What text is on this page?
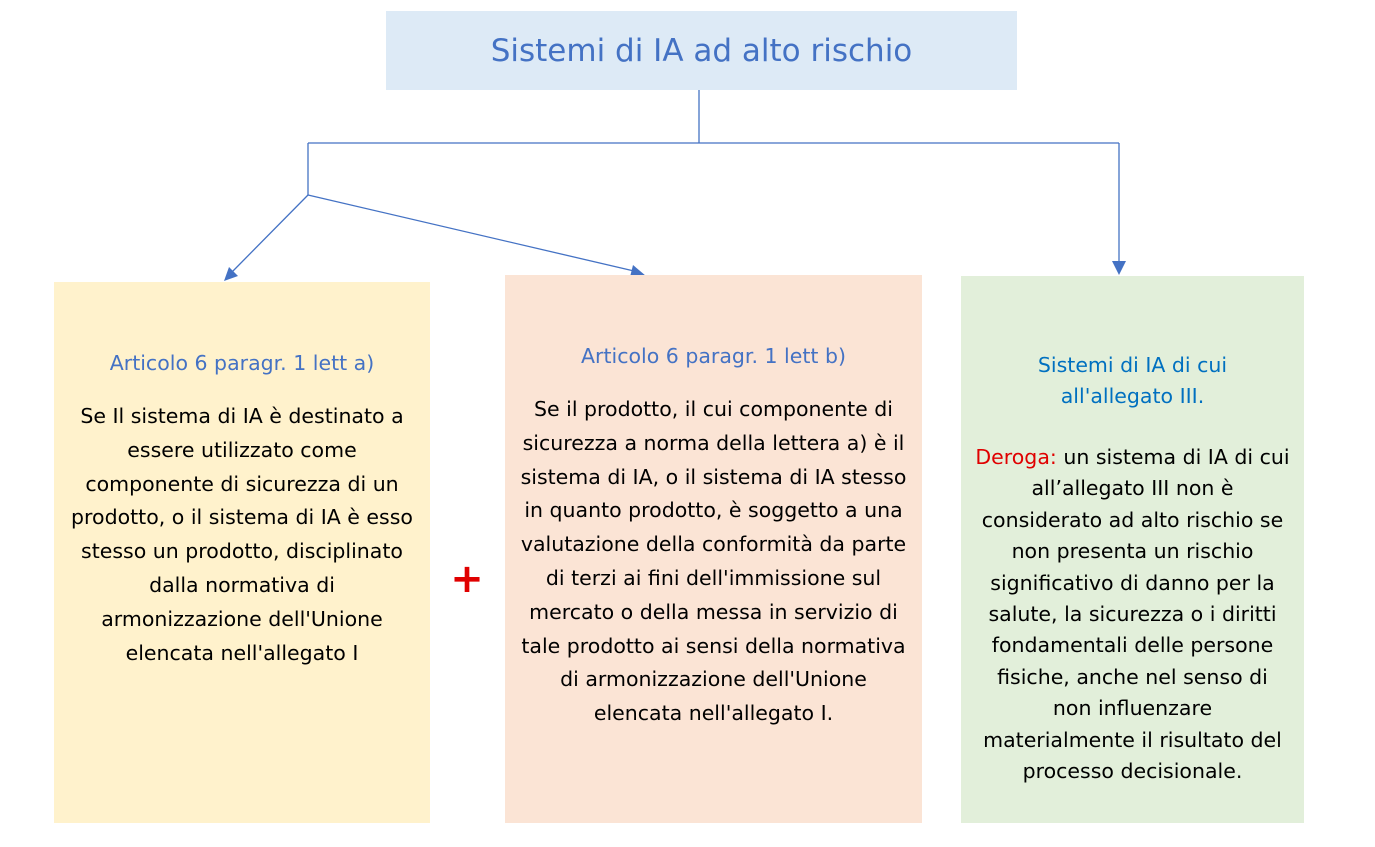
Sistemi di IA ad alto rischio
Articolo 6 paragr. 1 lett a)
Se Il sistema di IA è destinato a essere utilizzato come componente di sicurezza di un prodotto, o il sistema di IA è esso stesso un prodotto, disciplinato dalla normativa di armonizzazione dell'Unione elencata nell'allegato I
+
Articolo 6 paragr. 1 lett b)
Se il prodotto, il cui componente di sicurezza a norma della lettera a) è il sistema di IA, o il sistema di IA stesso in quanto prodotto, è soggetto a una valutazione della conformità da parte di terzi ai fini dell'immissione sul mercato o della messa in servizio di tale prodotto ai sensi della normativa di armonizzazione dell'Unione elencata nell'allegato I.
Sistemi di IA di cui all'allegato III.
Deroga: un sistema di IA di cui all’allegato III non è considerato ad alto rischio se non presenta un rischio significativo di danno per la salute, la sicurezza o i diritti fondamentali delle persone fisiche, anche nel senso di non influenzare materialmente il risultato del processo decisionale.
